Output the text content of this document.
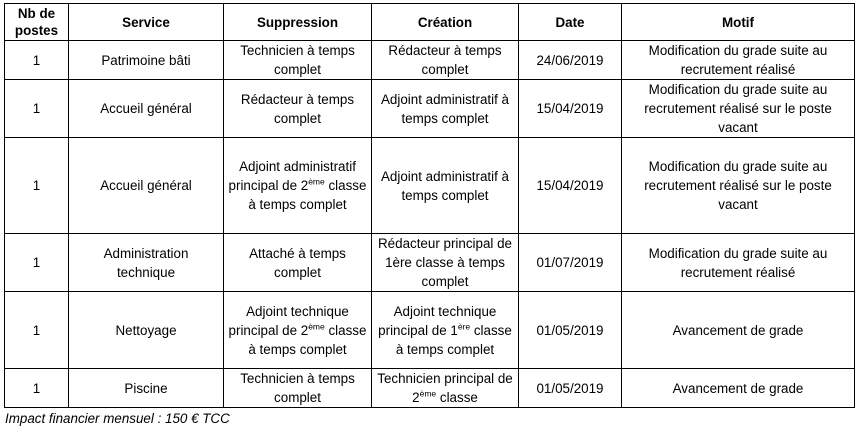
Nb de postes	Service	Suppression	Création	Date	Motif
1	Patrimoine bâti	Technicien à temps complet	Rédacteur à temps complet	24/06/2019	Modification du grade suite au recrutement réalisé
1	Accueil général	Rédacteur à temps complet	Adjoint administratif à temps complet	15/04/2019	Modification du grade suite au recrutement réalisé sur le poste vacant
1	Accueil général	Adjoint administratif principal de 2ème classe à temps complet	Adjoint administratif à temps complet	15/04/2019	Modification du grade suite au recrutement réalisé sur le poste vacant
1	Administration technique	Attaché à temps complet	Rédacteur principal de 1ère classe à temps complet	01/07/2019	Modification du grade suite au recrutement réalisé
1	Nettoyage	Adjoint technique principal de 2ème classe à temps complet	Adjoint technique principal de 1ère classe à temps complet	01/05/2019	Avancement de grade
1	Piscine	Technicien à temps complet	Technicien principal de 2ème classe	01/05/2019	Avancement de grade
Impact financier mensuel : 150 € TCC
